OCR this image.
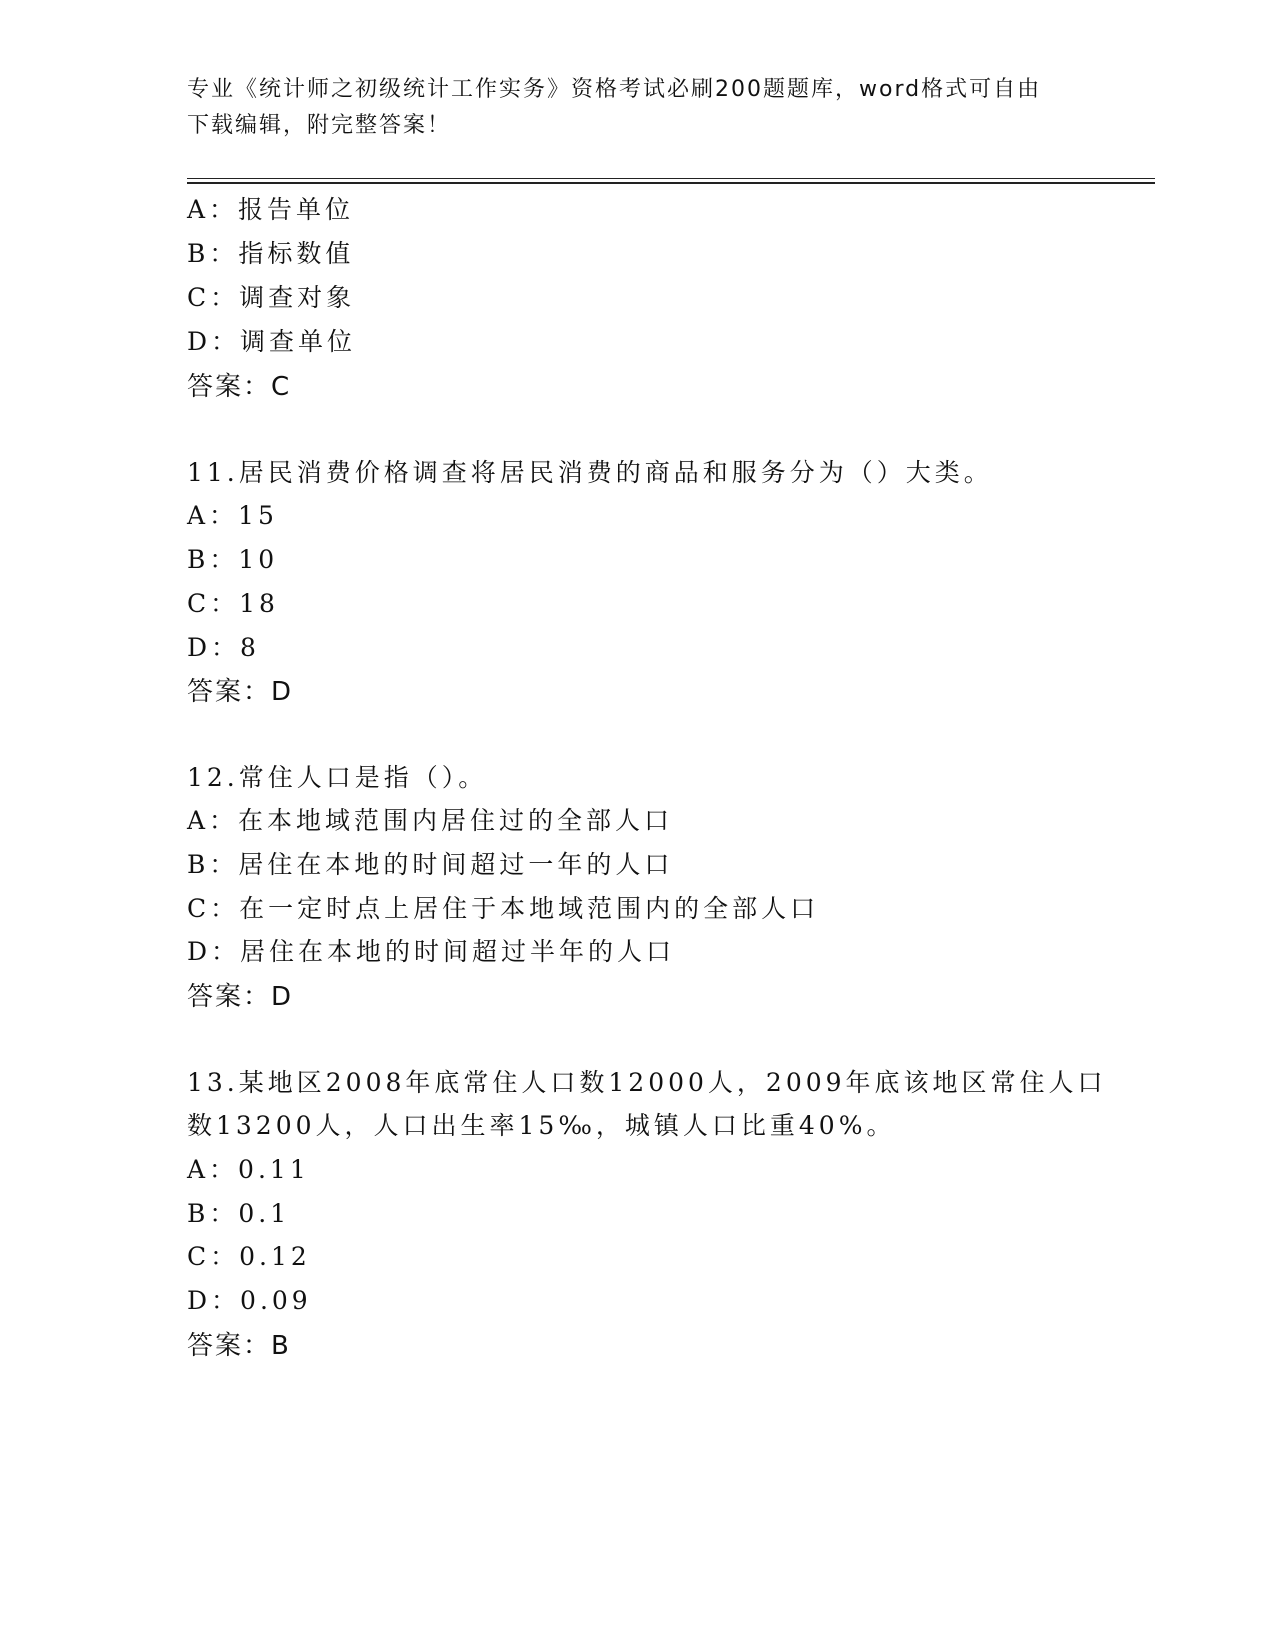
专业《统计师之初级统计工作实务》资格考试必刷200题题库，word格式可自由
下载编辑，附完整答案！
A：报告单位
B：指标数值
C：调查对象
D：调查单位
答案：C
11.居民消费价格调查将居民消费的商品和服务分为（）大类。
A：15
B：10
C：18
D：8
答案：D
12.常住人口是指（）。
A：在本地域范围内居住过的全部人口
B：居住在本地的时间超过一年的人口
C：在一定时点上居住于本地域范围内的全部人口
D：居住在本地的时间超过半年的人口
答案：D
13.某地区2008年底常住人口数12000人，2009年底该地区常住人口
数13200人，人口出生率15‰，城镇人口比重40%。
A：0.11
B：0.1
C：0.12
D：0.09
答案：B
